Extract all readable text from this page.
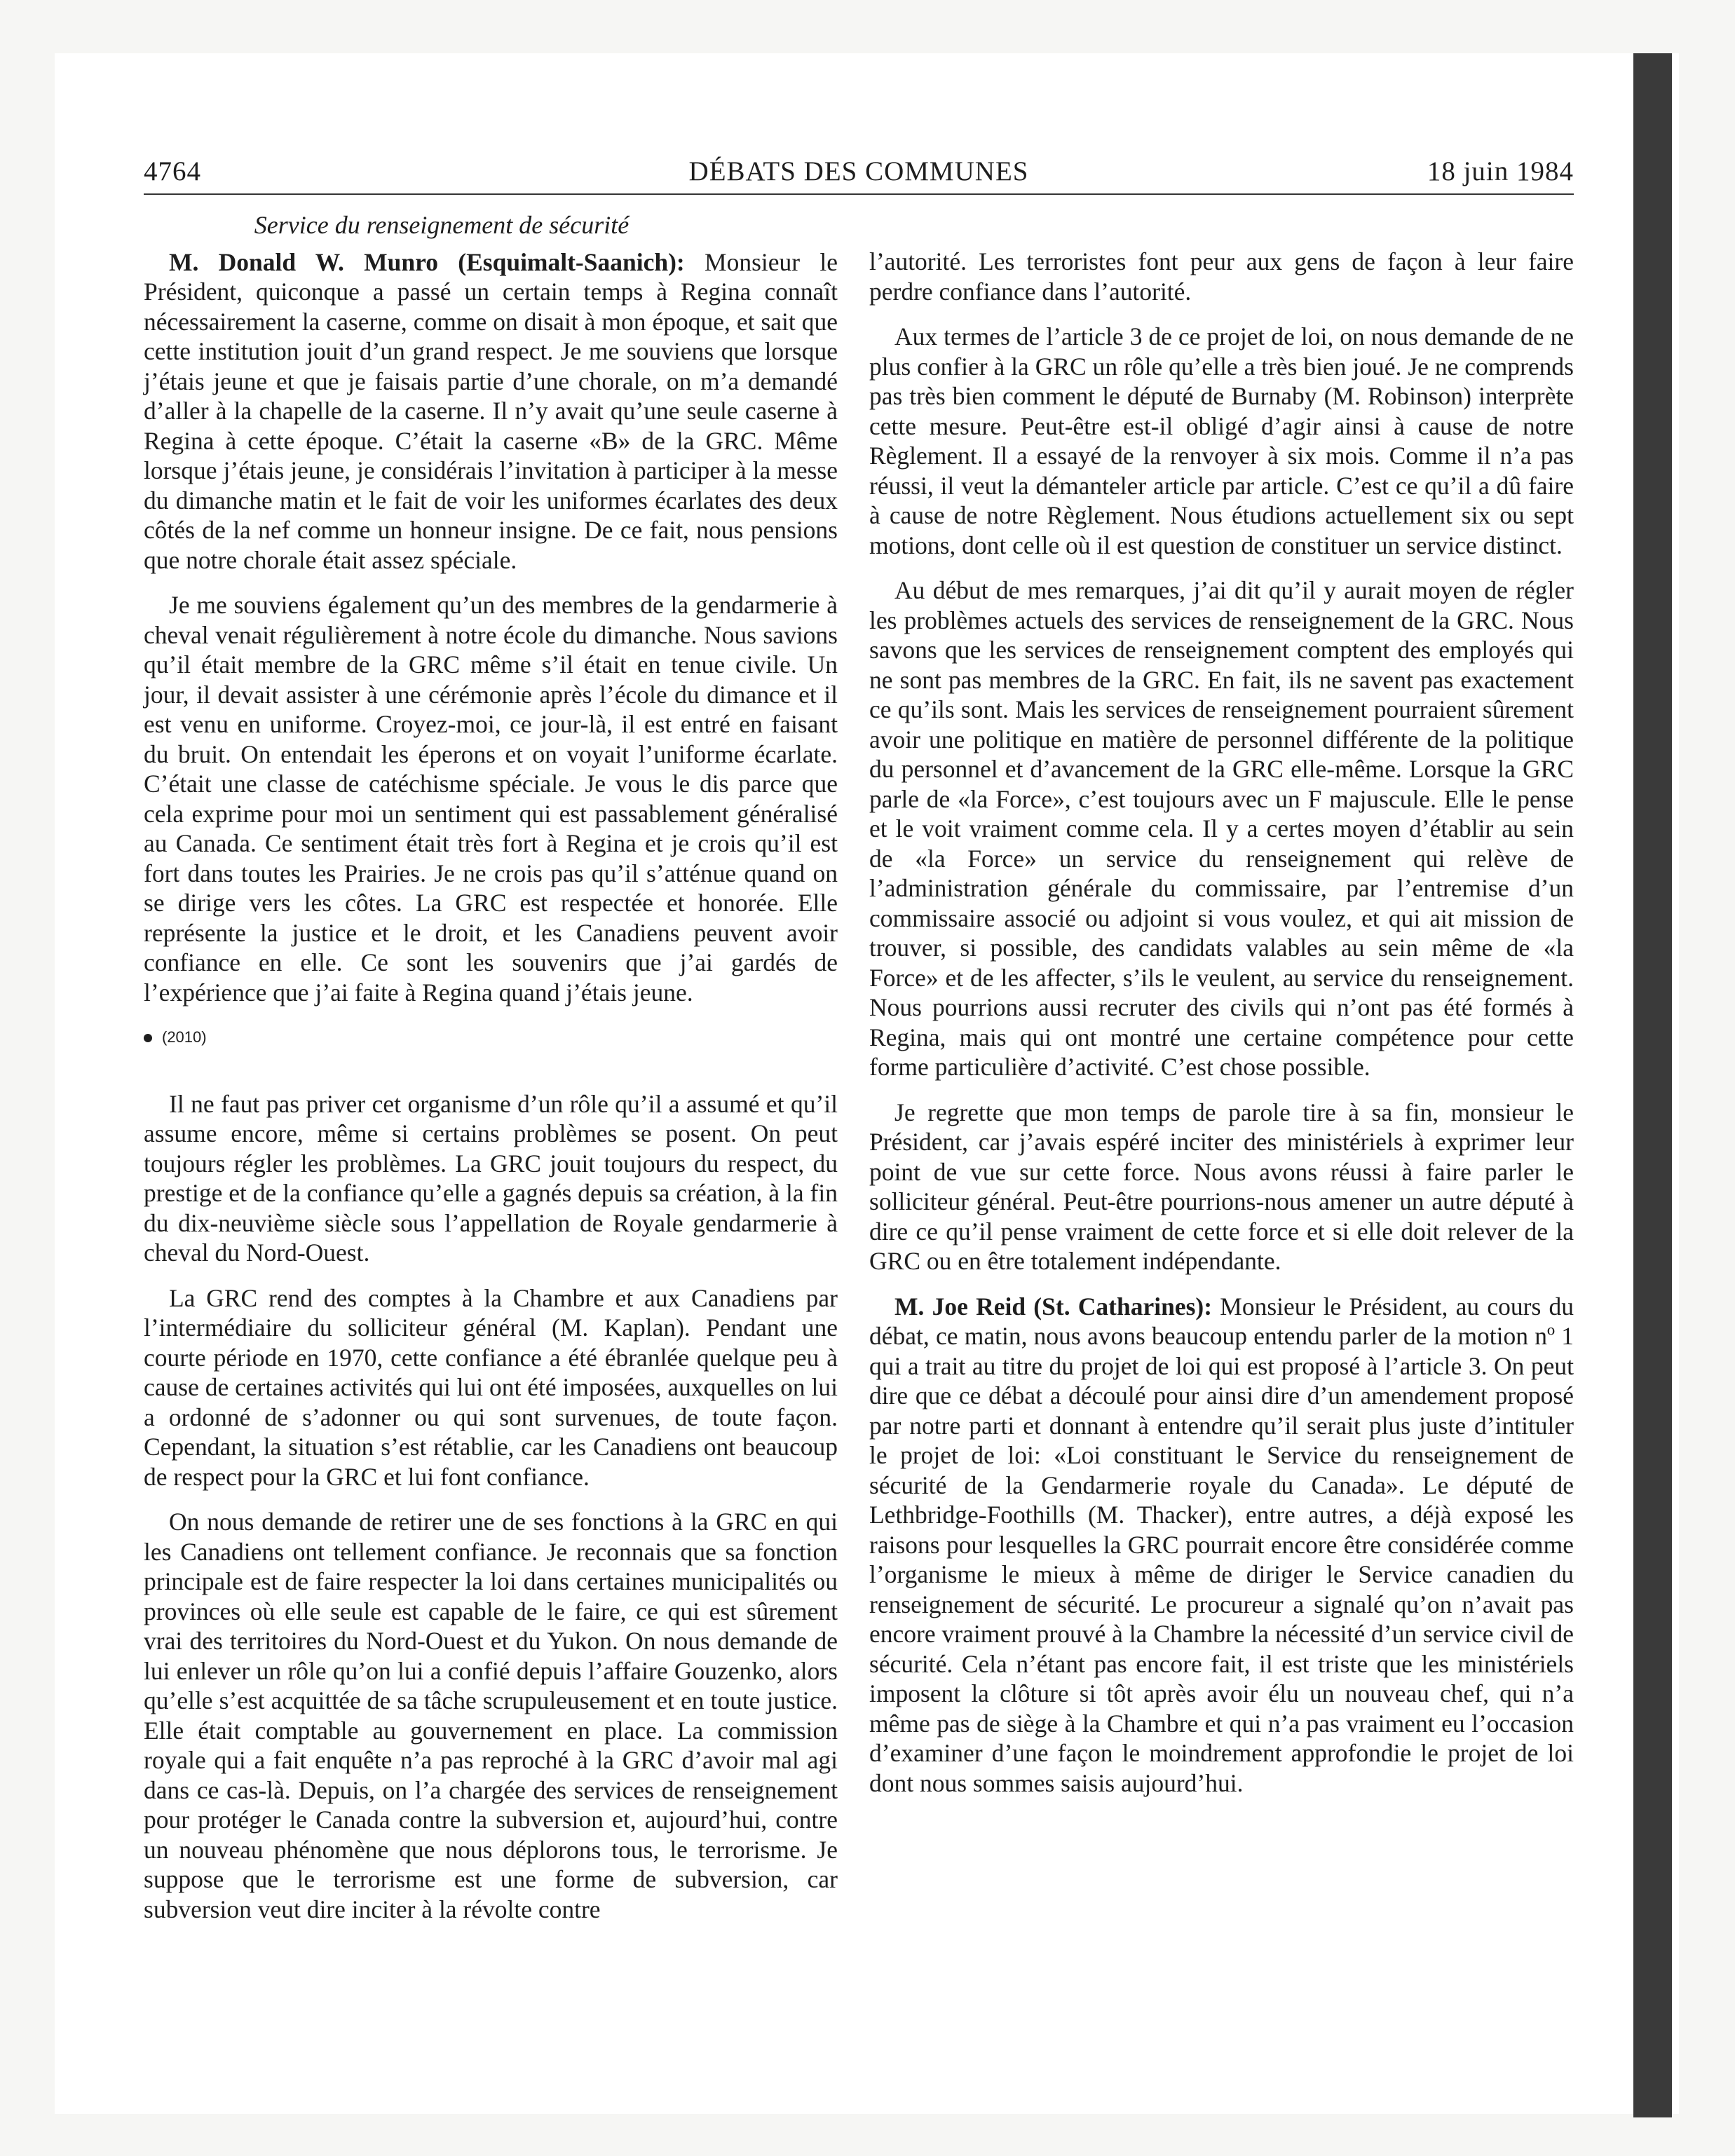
DÉBATS DES COMMUNES
4764	18 juin 1984
Service du renseignement de sécurité

M. Donald W. Munro (Esquimalt-Saanich): Monsieur le Président, quiconque a passé un certain temps à Regina connaît nécessairement la caserne, comme on disait à mon époque, et sait que cette institution jouit d’un grand respect. Je me souviens que lorsque j’étais jeune et que je faisais partie d’une chorale, on m’a demandé d’aller à la chapelle de la caserne. Il n’y avait qu’une seule caserne à Regina à cette époque. C’était la caserne «B» de la GRC. Même lorsque j’étais jeune, je considérais l’invitation à participer à la messe du dimanche matin et le fait de voir les uniformes écarlates des deux côtés de la nef comme un honneur insigne. De ce fait, nous pensions que notre chorale était assez spéciale.

Je me souviens également qu’un des membres de la gendarmerie à cheval venait régulièrement à notre école du dimanche. Nous savions qu’il était membre de la GRC même s’il était en tenue civile. Un jour, il devait assister à une cérémonie après l’école du dimance et il est venu en uniforme. Croyez-moi, ce jour-là, il est entré en faisant du bruit. On entendait les éperons et on voyait l’uniforme écarlate. C’était une classe de catéchisme spéciale. Je vous le dis parce que cela exprime pour moi un sentiment qui est passablement généralisé au Canada. Ce sentiment était très fort à Regina et je crois qu’il est fort dans toutes les Prairies. Je ne crois pas qu’il s’atténue quand on se dirige vers les côtes. La GRC est respectée et honorée. Elle représente la justice et le droit, et les Canadiens peuvent avoir confiance en elle. Ce sont les souvenirs que j’ai gardés de l’expérience que j’ai faite à Regina quand j’étais jeune.

(2010)

Il ne faut pas priver cet organisme d’un rôle qu’il a assumé et qu’il assume encore, même si certains problèmes se posent. On peut toujours régler les problèmes. La GRC jouit toujours du respect, du prestige et de la confiance qu’elle a gagnés depuis sa création, à la fin du dix-neuvième siècle sous l’appellation de Royale gendarmerie à cheval du Nord-Ouest.

La GRC rend des comptes à la Chambre et aux Canadiens par l’intermédiaire du solliciteur général (M. Kaplan). Pendant une courte période en 1970, cette confiance a été ébranlée quelque peu à cause de certaines activités qui lui ont été imposées, auxquelles on lui a ordonné de s’adonner ou qui sont survenues, de toute façon. Cependant, la situation s’est rétablie, car les Canadiens ont beaucoup de respect pour la GRC et lui font confiance.

On nous demande de retirer une de ses fonctions à la GRC en qui les Canadiens ont tellement confiance. Je reconnais que sa fonction principale est de faire respecter la loi dans certaines municipalités ou provinces où elle seule est capable de le faire, ce qui est sûrement vrai des territoires du Nord-Ouest et du Yukon. On nous demande de lui enlever un rôle qu’on lui a confié depuis l’affaire Gouzenko, alors qu’elle s’est acquittée de sa tâche scrupuleusement et en toute justice. Elle était comptable au gouvernement en place. La commission royale qui a fait enquête n’a pas reproché à la GRC d’avoir mal agi dans ce cas-là. Depuis, on l’a chargée des services de renseignement pour protéger le Canada contre la subversion et, aujourd’hui, contre un nouveau phénomène que nous déplorons tous, le terrorisme. Je suppose que le terrorisme est une forme de subversion, car subversion veut dire inciter à la révolte contre

l’autorité. Les terroristes font peur aux gens de façon à leur faire perdre confiance dans l’autorité.

Aux termes de l’article 3 de ce projet de loi, on nous demande de ne plus confier à la GRC un rôle qu’elle a très bien joué. Je ne comprends pas très bien comment le député de Burnaby (M. Robinson) interprète cette mesure. Peut-être est-il obligé d’agir ainsi à cause de notre Règlement. Il a essayé de la renvoyer à six mois. Comme il n’a pas réussi, il veut la démanteler article par article. C’est ce qu’il a dû faire à cause de notre Règlement. Nous étudions actuellement six ou sept motions, dont celle où il est question de constituer un service distinct.

Au début de mes remarques, j’ai dit qu’il y aurait moyen de régler les problèmes actuels des services de renseignement de la GRC. Nous savons que les services de renseignement comptent des employés qui ne sont pas membres de la GRC. En fait, ils ne savent pas exactement ce qu’ils sont. Mais les services de renseignement pourraient sûrement avoir une politique en matière de personnel différente de la politique du personnel et d’avancement de la GRC elle-même. Lorsque la GRC parle de «la Force», c’est toujours avec un F majuscule. Elle le pense et le voit vraiment comme cela. Il y a certes moyen d’établir au sein de «la Force» un service du renseignement qui relève de l’administration générale du commissaire, par l’entremise d’un commissaire associé ou adjoint si vous voulez, et qui ait mission de trouver, si possible, des candidats valables au sein même de «la Force» et de les affecter, s’ils le veulent, au service du renseignement. Nous pourrions aussi recruter des civils qui n’ont pas été formés à Regina, mais qui ont montré une certaine compétence pour cette forme particulière d’activité. C’est chose possible.

Je regrette que mon temps de parole tire à sa fin, monsieur le Président, car j’avais espéré inciter des ministériels à exprimer leur point de vue sur cette force. Nous avons réussi à faire parler le solliciteur général. Peut-être pourrions-nous amener un autre député à dire ce qu’il pense vraiment de cette force et si elle doit relever de la GRC ou en être totalement indépendante.

M. Joe Reid (St. Catharines): Monsieur le Président, au cours du débat, ce matin, nous avons beaucoup entendu parler de la motion nº 1 qui a trait au titre du projet de loi qui est proposé à l’article 3. On peut dire que ce débat a découlé pour ainsi dire d’un amendement proposé par notre parti et donnant à entendre qu’il serait plus juste d’intituler le projet de loi: «Loi constituant le Service du renseignement de sécurité de la Gendarmerie royale du Canada». Le député de Lethbridge-Foothills (M. Thacker), entre autres, a déjà exposé les raisons pour lesquelles la GRC pourrait encore être considérée comme l’organisme le mieux à même de diriger le Service canadien du renseignement de sécurité. Le procureur a signalé qu’on n’avait pas encore vraiment prouvé à la Chambre la nécessité d’un service civil de sécurité. Cela n’étant pas encore fait, il est triste que les ministériels imposent la clôture si tôt après avoir élu un nouveau chef, qui n’a même pas de siège à la Chambre et qui n’a pas vraiment eu l’occasion d’examiner d’une façon le moindrement approfondie le projet de loi dont nous sommes saisis aujourd’hui.
